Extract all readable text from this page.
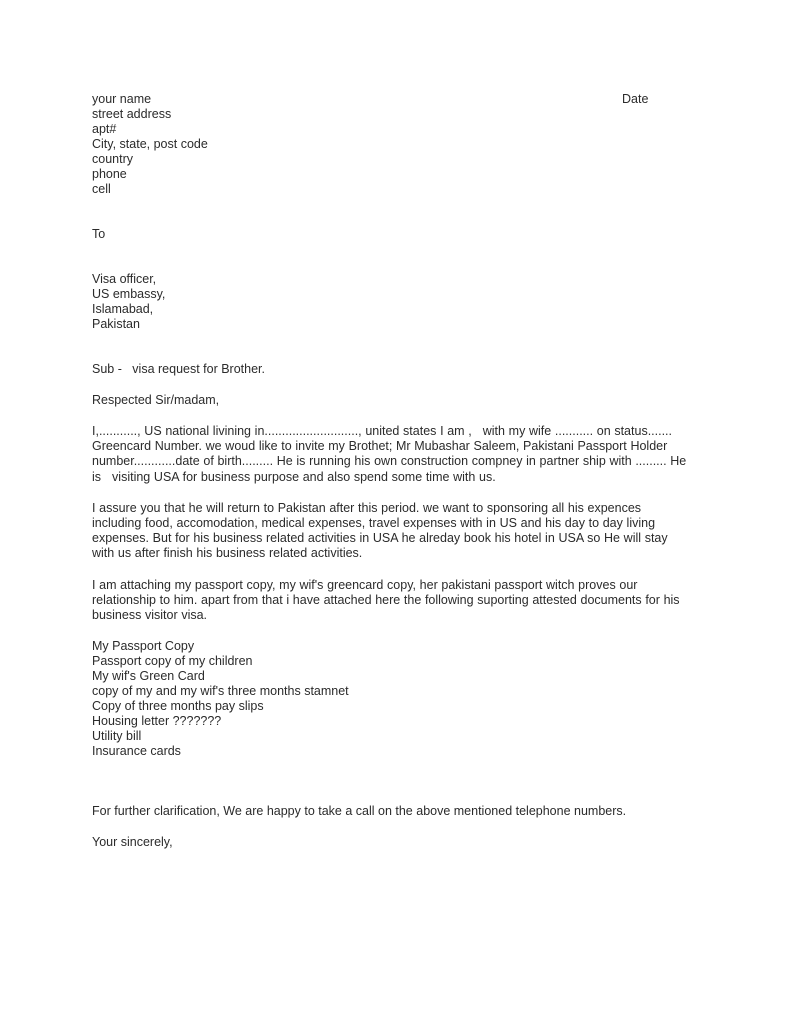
Date
your name
street address
apt#
City, state, post code
country
phone
cell
To
Visa officer,
US embassy,
Islamabad,
Pakistan
Sub -   visa request for Brother.
Respected Sir/madam,
I,..........., US national livining in..........................., united states I am ,   with my wife ........... on status....... Greencard Number. we woud like to invite my Brothet; Mr Mubashar Saleem, Pakistani Passport Holder number............date of birth......... He is running his own construction compney in partner ship with ......... He is   visiting USA for business purpose and also spend some time with us.
I assure you that he will return to Pakistan after this period. we want to sponsoring all his expences including food, accomodation, medical expenses, travel expenses with in US and his day to day living expenses. But for his business related activities in USA he alreday book his hotel in USA so He will stay with us after finish his business related activities.
I am attaching my passport copy, my wif's greencard copy, her pakistani passport witch proves our relationship to him. apart from that i have attached here the following suporting attested documents for his business visitor visa.
My Passport Copy
Passport copy of my children
My wif's Green Card
copy of my and my wif's three months stamnet
Copy of three months pay slips
Housing letter ???????
Utility bill
Insurance cards
For further clarification, We are happy to take a call on the above mentioned telephone numbers.
Your sincerely,
